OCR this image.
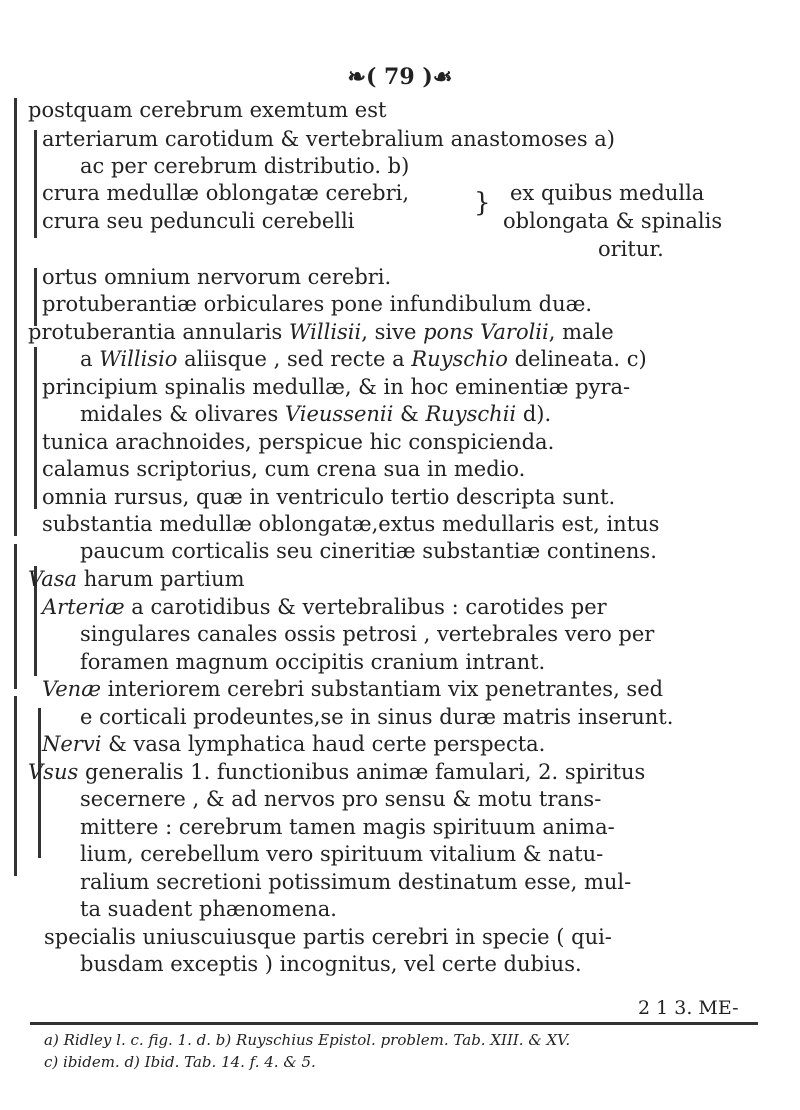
❧( 79 )☙
postquam cerebrum exemtum est
arteriarum carotidum & vertebralium anastomoses a)
ac per cerebrum distributio. b)
crura medullæ oblongatæ cerebri,	ex quibus medulla
crura seu pedunculi cerebelli	oblongata & spinalis
}
oritur.
ortus omnium nervorum cerebri.
protuberantiæ orbiculares pone infundibulum duæ.
protuberantia annularis Willisii, sive pons Varolii, male
a Willisio aliisque , sed recte a Ruyschio delineata. c)
principium spinalis medullæ, & in hoc eminentiæ pyra-
midales & olivares Vieussenii & Ruyschii d).
tunica arachnoides, perspicue hic conspicienda.
calamus scriptorius, cum crena sua in medio.
omnia rursus, quæ in ventriculo tertio descripta sunt.
substantia medullæ oblongatæ,extus medullaris est, intus
paucum corticalis seu cineritiæ substantiæ continens.
Vasa harum partium
Arteriæ a carotidibus & vertebralibus : carotides per
singulares canales ossis petrosi , vertebrales vero per
foramen magnum occipitis cranium intrant.
Venæ interiorem cerebri substantiam vix penetrantes, sed
e corticali prodeuntes,se in sinus duræ matris inserunt.
Nervi & vasa lymphatica haud certe perspecta.
Vsus generalis 1. functionibus animæ famulari, 2. spiritus
secernere , & ad nervos pro sensu & motu trans-
mittere : cerebrum tamen magis spirituum anima-
lium, cerebellum vero spirituum vitalium & natu-
ralium secretioni potissimum destinatum esse, mul-
ta suadent phænomena.
specialis uniuscuiusque partis cerebri in specie ( qui-
busdam exceptis ) incognitus, vel certe dubius.
2 1 3. ME-
a) Ridley l. c. fig. 1. d. b) Ruyschius Epistol. problem. Tab. XIII. & XV.
c) ibidem. d) Ibid. Tab. 14. f. 4. & 5.
